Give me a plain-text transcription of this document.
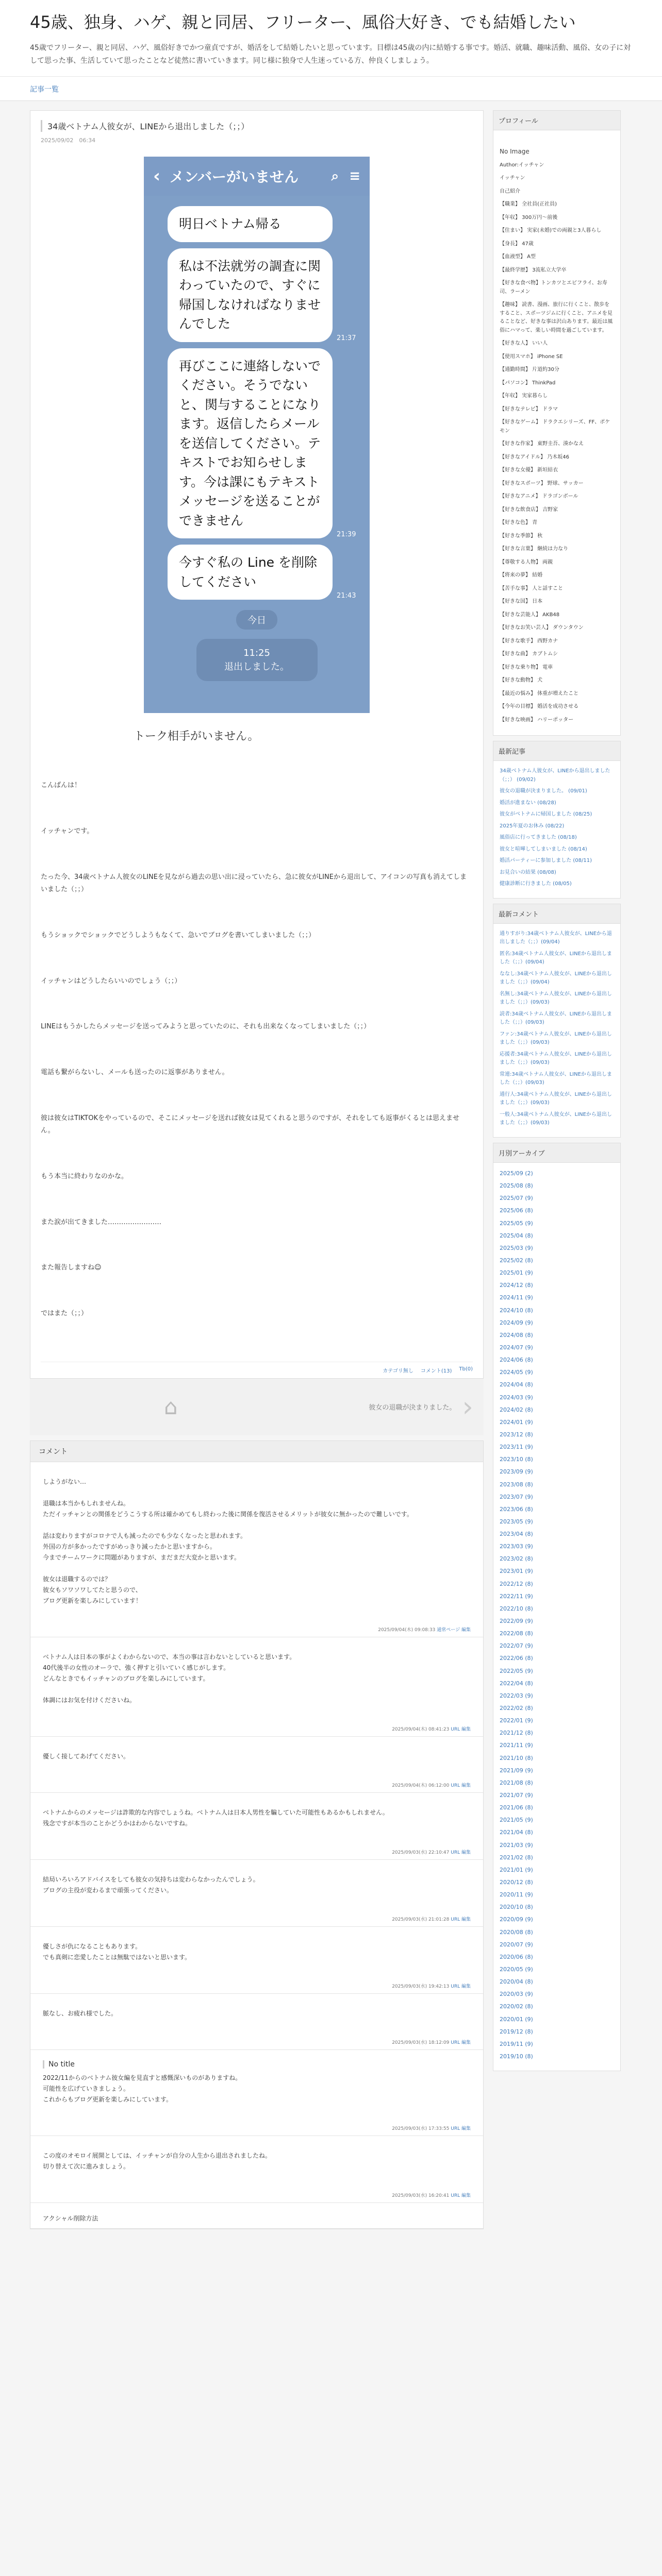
45歳、独身、ハゲ、親と同居、フリーター、風俗大好き、でも結婚したい

45歳でフリーター、親と同居、ハゲ、風俗好きでかつ童貞ですが、婚活をして結婚したいと思っています。目標は45歳の内に結婚する事です。婚活、就職、趣味活動、風俗、女の子に対して思った事、生活していて思ったことなど徒然に書いていきます。同じ様に独身で人生迷っている方、仲良くしましょう。

記事一覧
34歳ベトナム人彼女が、LINEから退出しました（；；）
2025/09/02　06:34
‹ メンバーがいません	⌕ ≡
明日ベトナム帰る
私は不法就労の調査に関わっていたので、すぐに帰国しなければなりませんでした
21:37
再びここに連絡しないでください。そうでないと、関与することになります。返信したらメールを送信してください。テキストでお知らせします。今は課にもテキストメッセージを送ることができません
21:39
今すぐ私の Line を削除してください
21:43
今日
11:25
退出しました。
トーク相手がいません。

こんばんは！

イッチャンです。

たった今、34歳ベトナム人彼女のLINEを見ながら過去の思い出に浸っていたら、急に彼女がLINEから退出して、アイコンの写真も消えてしまいました（；；）

もうショックでショックでどうしようもなくて、急いでブログを書いてしまいました（；；）

イッチャンはどうしたらいいのでしょう（；；）

LINEはもうかしたらメッセージを送ってみようと思っていたのに、それも出来なくなってしまいました（；；）

電話も繋がらないし、メールも送ったのに返事がありません。

彼は彼女はTIKTOKをやっているので、そこにメッセージを送れば彼女は見てくれると思うのですが、それをしても返事がくるとは思えません。

もう本当に終わりなのかな。

また涙が出てきました……………………

また報告しますね☺

ではまた（；；）

カテゴリ無し コメント(13) Tb(0)
⌂	彼女の退職が決まりました。 ›
コメント

しようがない…

退職は本当かもしれませんね。
ただイッチャンとの関係をどうこうする所は確かめてもし終わった後に関係を復活させるメリットが彼女に無かったので難しいです。

話は変わりますがコロナで人も減ったのでも少なくなったと思われます。
外国の方が多かったですがめっきり減ったかと思いますから。
今までチームワークに問題がありますが、まだまだ大変かと思います。

彼女は退職するのでは？
彼女もソワソワしてたと思うので、
ブログ更新を楽しみにしています！

2025/09/04(木) 09:08:33 通常ページ 編集

ベトナム人は日本の事がよくわからないので、本当の事は言わないとしていると思います。
40代後半の女性のオーラで、強く押すと引いていく感じがします。
どんなときでもイッチャンのブログを楽しみにしています。

体調にはお気を付けくださいね。

2025/09/04(木) 08:41:23 URL 編集

優しく接してあげてください。

2025/09/04(木) 06:12:00 URL 編集

ベトナムからのメッセージは詐欺的な内容でしょうね。ベトナム人は日本人男性を騙していた可能性もあるかもしれません。
残念ですが本当のことかどうかはわからないですね。

2025/09/03(水) 22:10:47 URL 編集

結局いろいろアドバイスをしても彼女の気持ちは変わらなかったんでしょう。
ブログの主役が変わるまで頑張ってください。

2025/09/03(水) 21:01:28 URL 編集

優しさが仇になることもあります。
でも真剣に恋愛したことは無駄ではないと思います。

2025/09/03(水) 19:42:13 URL 編集

脈なし、お疲れ様でした。

2025/09/03(水) 18:12:09 URL 編集
No title

2022/11からのベトナム彼女編を見直すと感慨深いものがありますね。
可能性を広げていきましょう。
これからもブログ更新を楽しみにしています。

2025/09/03(水) 17:33:55 URL 編集

この度のオモロイ展開としては、イッチャンが自分の人生から退出されましたね。
切り替えて次に進みましょう。

2025/09/03(水) 16:20:41 URL 編集

アクシャル削除方法

プロフィール
No Image

Author:イッチャン

イッチャン

自己紹介

【職業】 全社員(正社員)

【年収】 300万円〜前後

【住まい】 実家(未婚)での両親と3人暮らし

【身長】 47歳

【血液型】 A型

【最終学歴】 3流私立大学卒

【好きな食べ物】トンカツとエビフライ、お寿司、ラーメン

【趣味】 読書、漫画、旅行に行くこと、散歩をすること、スポーツジムに行くこと、アニメを見ることなど、好きな事は沢山あります。最近は風俗にハマって、楽しい時間を過ごしています。

【好きな人】 いい人

【使用スマホ】 iPhone SE

【通勤時間】 片道約30分

【パソコン】 ThinkPad

【年収】 実家暮らし

【好きなテレビ】 ドラマ

【好きなゲーム】 ドラクエシリーズ、FF、ポケモン

【好きな作家】 東野圭吾、湊かなえ

【好きなアイドル】 乃木坂46

【好きな女優】 新垣結衣

【好きなスポーツ】 野球、サッカー

【好きなアニメ】 ドラゴンボール

【好きな飲食店】 吉野家

【好きな色】 青

【好きな季節】 秋

【好きな言葉】 継続は力なり

【尊敬する人物】 両親

【将来の夢】 結婚

【苦手な事】 人と話すこと

【好きな国】 日本

【好きな芸能人】 AKB48

【好きなお笑い芸人】 ダウンタウン

【好きな歌手】 西野カナ

【好きな曲】 カブトムシ

【好きな乗り物】 電車

【好きな動物】 犬

【最近の悩み】 体重が増えたこと

【今年の目標】 婚活を成功させる

【好きな映画】 ハリーポッター

最新記事
34歳ベトナム人彼女が、LINEから退出しました（；；） (09/02)
彼女の退職が決まりました。 (09/01)
婚活が進まない (08/28)
彼女がベトナムに帰国しました (08/25)
2025年夏のお休み (08/22)
風俗店に行ってきました (08/18)
彼女と喧嘩してしまいました (08/14)
婚活パーティーに参加しました (08/11)
お見合いの結果 (08/08)
健康診断に行きました (08/05)
最新コメント
通りすがり:34歳ベトナム人彼女が、LINEから退出しました（；；）(09/04)
匿名:34歳ベトナム人彼女が、LINEから退出しました（；；）(09/04)
ななし:34歳ベトナム人彼女が、LINEから退出しました（；；）(09/04)
名無し:34歳ベトナム人彼女が、LINEから退出しました（；；）(09/03)
読者:34歳ベトナム人彼女が、LINEから退出しました（；；）(09/03)
ファン:34歳ベトナム人彼女が、LINEから退出しました（；；）(09/03)
応援者:34歳ベトナム人彼女が、LINEから退出しました（；；）(09/03)
常連:34歳ベトナム人彼女が、LINEから退出しました（；；）(09/03)
通行人:34歳ベトナム人彼女が、LINEから退出しました（；；）(09/03)
一般人:34歳ベトナム人彼女が、LINEから退出しました（；；）(09/03)
月別アーカイブ
2025/09 (2)
2025/08 (8)
2025/07 (9)
2025/06 (8)
2025/05 (9)
2025/04 (8)
2025/03 (9)
2025/02 (8)
2025/01 (9)
2024/12 (8)
2024/11 (9)
2024/10 (8)
2024/09 (9)
2024/08 (8)
2024/07 (9)
2024/06 (8)
2024/05 (9)
2024/04 (8)
2024/03 (9)
2024/02 (8)
2024/01 (9)
2023/12 (8)
2023/11 (9)
2023/10 (8)
2023/09 (9)
2023/08 (8)
2023/07 (9)
2023/06 (8)
2023/05 (9)
2023/04 (8)
2023/03 (9)
2023/02 (8)
2023/01 (9)
2022/12 (8)
2022/11 (9)
2022/10 (8)
2022/09 (9)
2022/08 (8)
2022/07 (9)
2022/06 (8)
2022/05 (9)
2022/04 (8)
2022/03 (9)
2022/02 (8)
2022/01 (9)
2021/12 (8)
2021/11 (9)
2021/10 (8)
2021/09 (9)
2021/08 (8)
2021/07 (9)
2021/06 (8)
2021/05 (9)
2021/04 (8)
2021/03 (9)
2021/02 (8)
2021/01 (9)
2020/12 (8)
2020/11 (9)
2020/10 (8)
2020/09 (9)
2020/08 (8)
2020/07 (9)
2020/06 (8)
2020/05 (9)
2020/04 (8)
2020/03 (9)
2020/02 (8)
2020/01 (9)
2019/12 (8)
2019/11 (9)
2019/10 (8)
